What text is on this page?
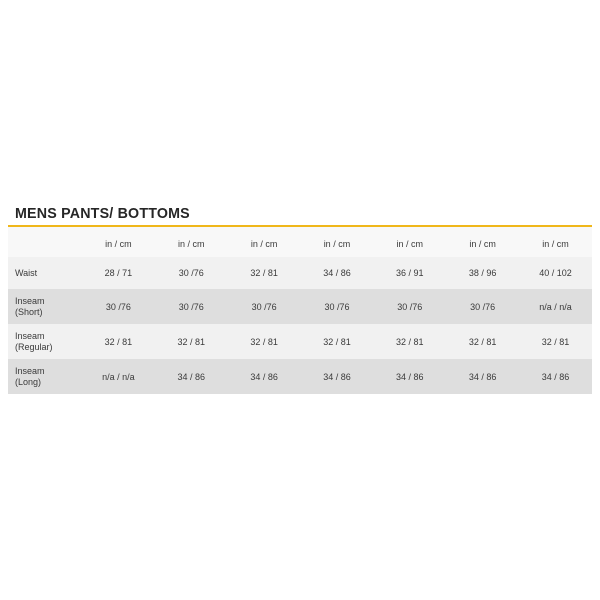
MENS PANTS/ BOTTOMS
	in / cm	in / cm	in / cm	in / cm	in / cm	in / cm	in / cm
Waist	28 / 71	30 /76	32 / 81	34 / 86	36 / 91	38 / 96	40 / 102
Inseam
(Short)	30 /76	30 /76	30 /76	30 /76	30 /76	30 /76	n/a / n/a
Inseam
(Regular)	32 / 81	32 / 81	32 / 81	32 / 81	32 / 81	32 / 81	32 / 81
Inseam
(Long)	n/a / n/a	34 / 86	34 / 86	34 / 86	34 / 86	34 / 86	34 / 86
